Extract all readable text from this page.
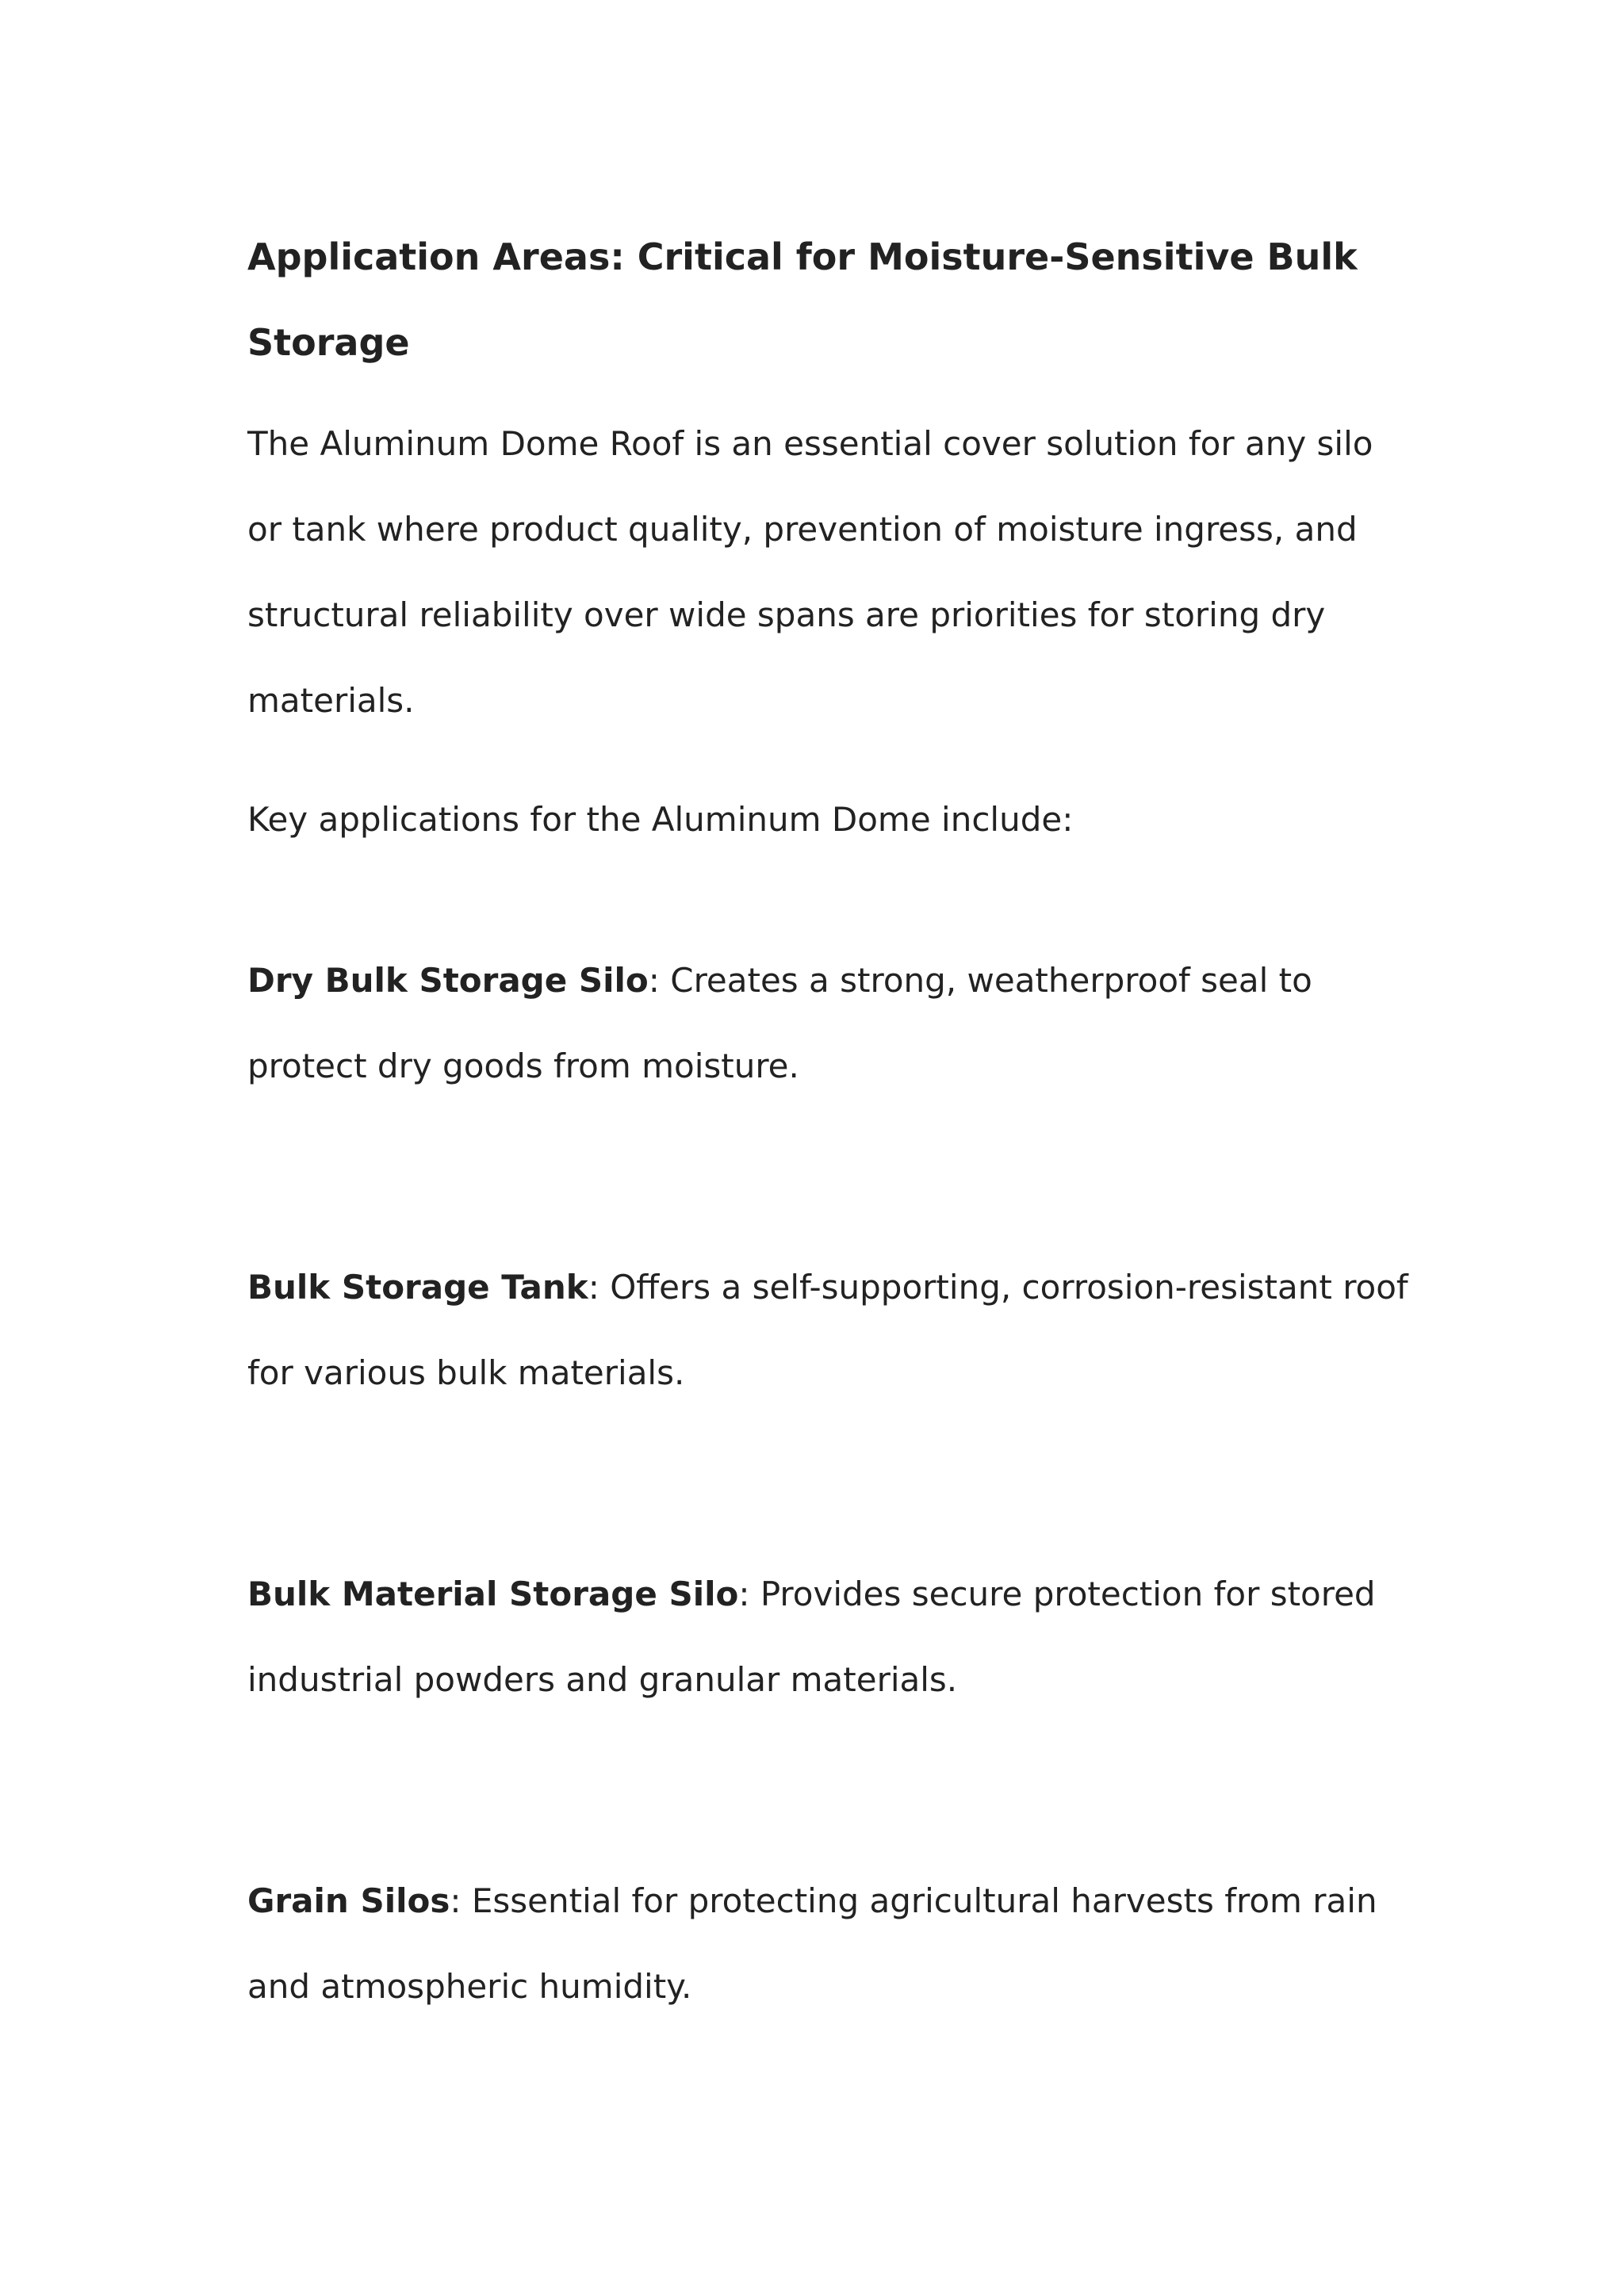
Application Areas: Critical for Moisture-Sensitive Bulk Storage

The Aluminum Dome Roof is an essential cover solution for any silo or tank where product quality, prevention of moisture ingress, and structural reliability over wide spans are priorities for storing dry materials.

Key applications for the Aluminum Dome include:

Dry Bulk Storage Silo: Creates a strong, weatherproof seal to protect dry goods from moisture.

Bulk Storage Tank: Offers a self-supporting, corrosion-resistant roof for various bulk materials.

Bulk Material Storage Silo: Provides secure protection for stored industrial powders and granular materials.

Grain Silos: Essential for protecting agricultural harvests from rain and atmospheric humidity.
